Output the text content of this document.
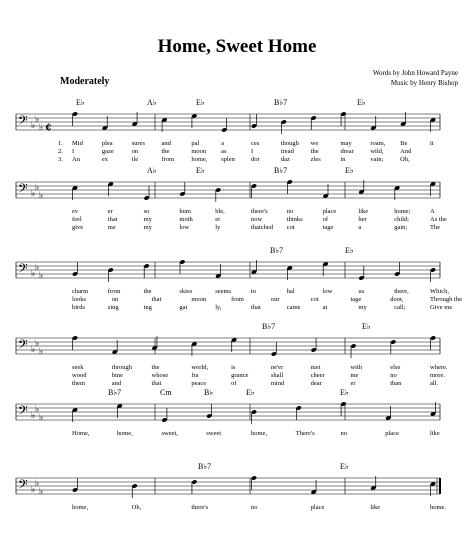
Home, Sweet Home
Words by John Howard Payne
Music by Henry Bishop
Moderately
E♭	A♭	E♭	B♭7	E♭
𝄢 ♭
♭
♭ ¢
1.
2.
3.
Mid	plea	sures	and	pal	a	ces	though we	may	roam, Be	it
I	gaze	on	the	moon as	I	tread	the	drear	wild,	And
An	ex	ile	from	home, splen dor	daz	zles	in	vain;	Oh,
A♭	E♭	B♭7	E♭
𝄢 ♭
♭
♭
ev	er	so	hum	ble,	there's	no	place	like	home;	A
feel	that	my	moth	er	now	thinks	of	her	child;	As the
give	me	my	low	ly	thatched cot	tage	a	gain;	The
B♭7	E♭
𝄢 ♭
♭
♭
charm	from	the	skies	seems	to	hal	low	us	there,	Which,
looks	on	that	moon	from	our	cot	tage	door,	Through the
birds	sing	ing	gai	ly,	that	came	at	my	call;	Give me
B♭7	E♭
𝄢 ♭
♭
♭
seek	through	the	world,	is	ne'er	met	with	else	where.
wood	bine	whose	fra	grance	shall	cheer	me	no	more.
them	and	that	peace	of	mind	dear	er	than	all.
B♭7	Cm	B♭	E♭	E♭
𝄢 ♭
♭
♭
Home,	home,	sweet,	sweet	home,	There's	no	place	like
B♭7	E♭
𝄢 ♭
♭
♭
home,	Oh,	there's	no	place	like	home.
